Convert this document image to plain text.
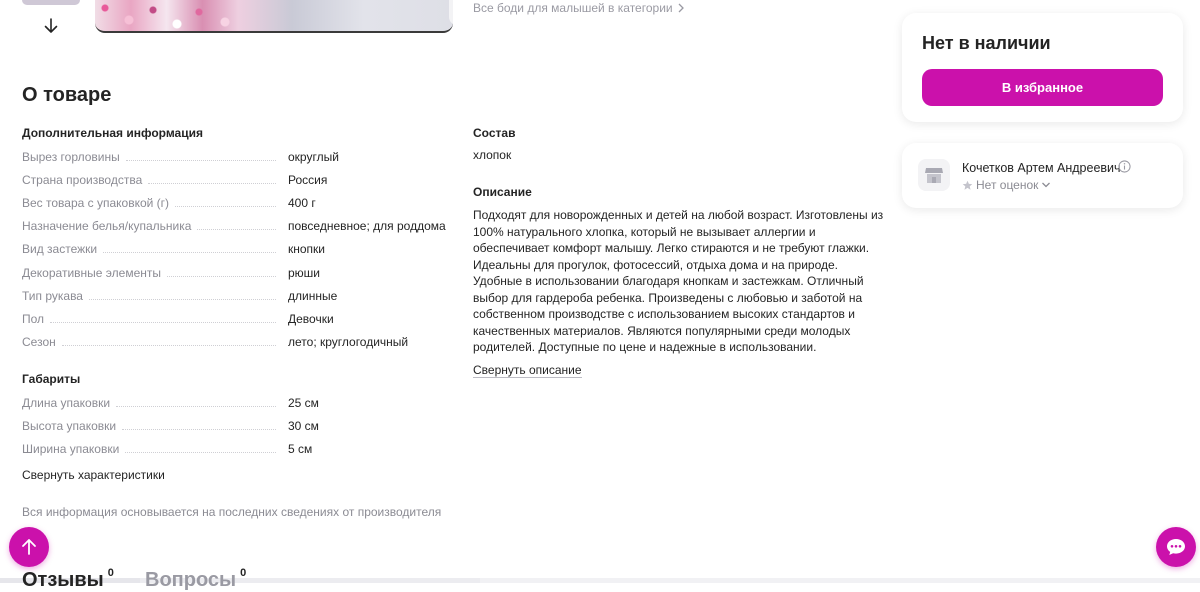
Все боди для малышей в категории
О товаре
Дополнительная информация
Вырез горловины	округлый
Страна производства	Россия
Вес товара с упаковкой (г)	400 г
Назначение белья/купальника	повседневное; для роддома
Вид застежки	кнопки
Декоративные элементы	рюши
Тип рукава	длинные
Пол	Девочки
Сезон	лето; круглогодичный
Габариты
Длина упаковки	25 см
Высота упаковки	30 см
Ширина упаковки	5 см
Свернуть характеристики
Вся информация основывается на последних сведениях от производителя
Состав
хлопок
Описание

Подходят для новорожденных и детей на любой возраст. Изготовлены из 100% натурального хлопка, который не вызывает аллергии и обеспечивает комфорт малышу. Легко стираются и не требуют глажки. Идеальны для прогулок, фотосессий, отдыха дома и на природе. Удобные в использовании благодаря кнопкам и застежкам. Отличный выбор для гардероба ребенка. Произведены с любовью и заботой на собственном производстве с использованием высоких стандартов и качественных материалов. Являются популярными среди молодых родителей. Доступные по цене и надежные в использовании.

Свернуть описание
Нет в наличии
В избранное
Кочетков Артем Андреевич
Нет оценок
Отзывы $^0$ Вопросы $^0$
